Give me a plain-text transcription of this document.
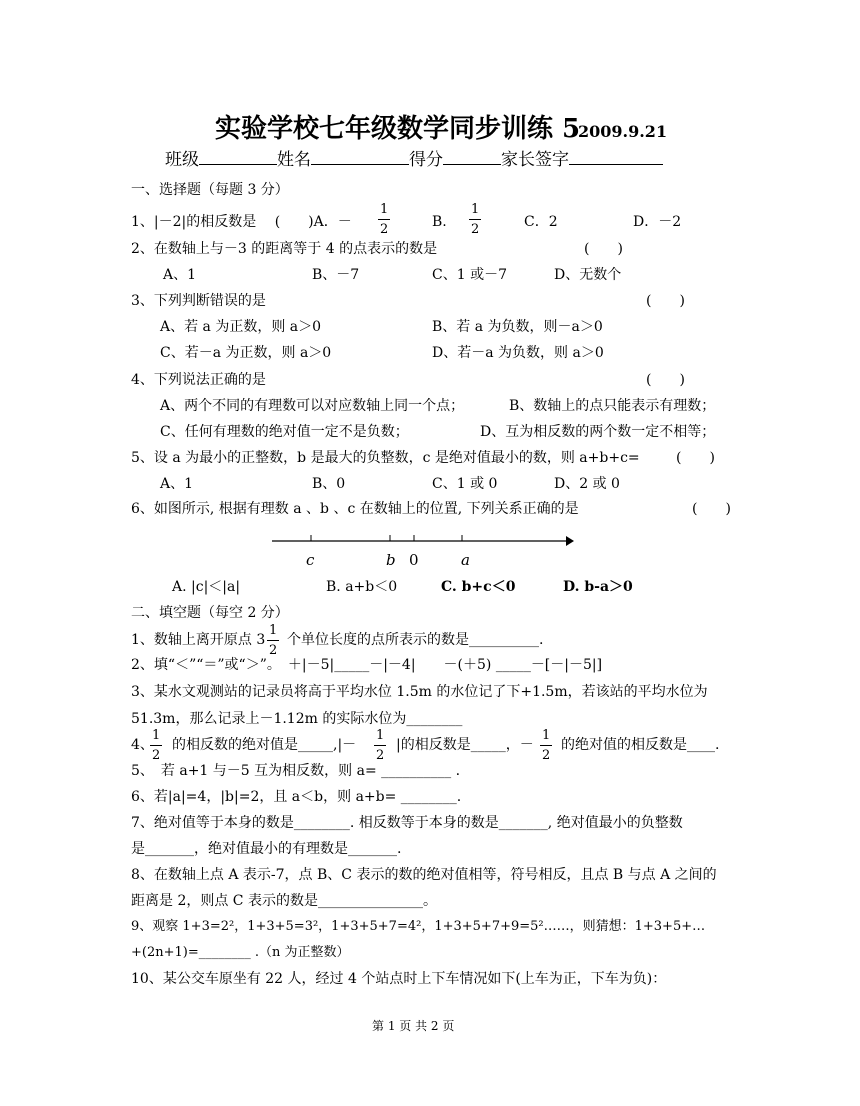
实验学校七年级数学同步训练 5
2009.9.21
班级	姓名	得分	家长签字
一、选择题（每题 3 分）
1、|－2|的相反数是 　(　　)A．－
1
2	B.
1
2	C．2	D．－2
2、在数轴上与－3 的距离等于 4 的点表示的数是	(　　)
A、1	B、－7	C、1 或－7	D、无数个
3、下列判断错误的是	(　　)
A、若 a 为正数，则 a＞0	B、若 a 为负数，则－a＞0
C、若－a 为正数，则 a＞0	D、若－a 为负数，则 a＞0
4、下列说法正确的是	(　　)
A、两个不同的有理数可以对应数轴上同一个点；	B、数轴上的点只能表示有理数；
C、任何有理数的绝对值一定不是负数；	D、互为相反数的两个数一定不相等；
5、设 a 为最小的正整数，b 是最大的负整数，c 是绝对值最小的数，则 a+b+c=	(　　)
A、1	B、0	C、1 或 0	D、2 或 0
6、如图所示, 根据有理数 a 、b 、c 在数轴上的位置, 下列关系正确的是	(　　)
c	b 0	a
A. |c|＜|a|	B. a+b＜0	C. b+c＜0	D. b-a＞0
二、填空题（每空 2 分）
1、数轴上离开原点 3
1
2
个单位长度的点所表示的数是__________.
2、填“＜”“＝”或“＞”。　＋|－5|_____－|－4|　　－(＋5) _____－[－|－5|]
3、某水文观测站的记录员将高于平均水位 1.5m 的水位记了下+1.5m，若该站的平均水位为
51.3m，那么记录上－1.12m 的实际水位为________
4、
1
2
的相反数的绝对值是_____,|－
1
2
|的相反数是_____，－
1
2
的绝对值的相反数是____.
5、　若 a+1 与－5 互为相反数，则 a= __________ .
6、若|a|=4，|b|=2，且 a＜b，则 a+b= ________.
7、绝对值等于本身的数是________. 相反数等于本身的数是_______, 绝对值最小的负整数
是_______，绝对值最小的有理数是_______.
8、在数轴上点 A 表示-7，点 B、C 表示的数的绝对值相等，符号相反，且点 B 与点 A 之间的
距离是 2，则点 C 表示的数是_______________。
9、观察 1+3=2²，1+3+5=3²，1+3+5+7=4²，1+3+5+7+9=5²……，则猜想：1+3+5+…
+(2n+1)=________ .（n 为正整数）
10、某公交车原坐有 22 人，经过 4 个站点时上下车情况如下(上车为正，下车为负)：
第 1 页 共 2 页
